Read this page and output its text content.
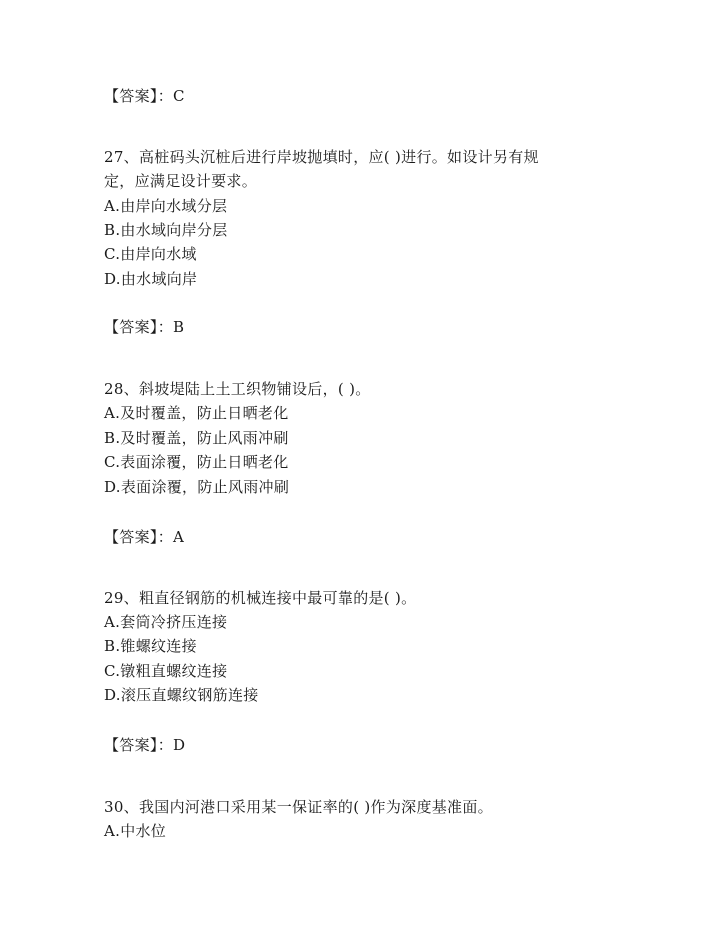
【答案】：C
27、高桩码头沉桩后进行岸坡抛填时，应( )进行。如设计另有规
定，应满足设计要求。
A.由岸向水域分层
B.由水域向岸分层
C.由岸向水域
D.由水域向岸
【答案】：B
28、斜坡堤陆上土工织物铺设后，( )。
A.及时覆盖，防止日晒老化
B.及时覆盖，防止风雨冲刷
C.表面涂覆，防止日晒老化
D.表面涂覆，防止风雨冲刷
【答案】：A
29、粗直径钢筋的机械连接中最可靠的是( )。
A.套筒冷挤压连接
B.锥螺纹连接
C.镦粗直螺纹连接
D.滚压直螺纹钢筋连接
【答案】：D
30、我国内河港口采用某一保证率的( )作为深度基准面。
A.中水位
